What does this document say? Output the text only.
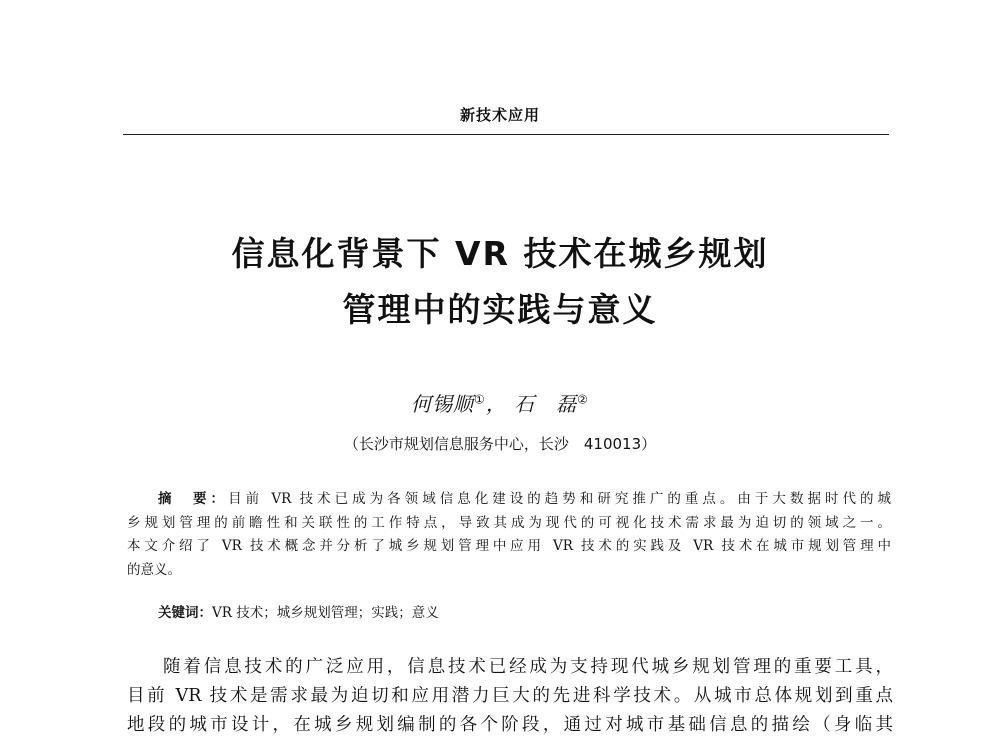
新技术应用
信息化背景下 VR 技术在城乡规划
管理中的实践与意义
何锡顺①， 石　磊②
（长沙市规划信息服务中心，长沙　410013）
摘　要：目前 VR 技术已成为各领域信息化建设的趋势和研究推广的重点。由于大数据时代的城
乡规划管理的前瞻性和关联性的工作特点，导致其成为现代的可视化技术需求最为迫切的领域之一。
本文介绍了 VR 技术概念并分析了城乡规划管理中应用 VR 技术的实践及 VR 技术在城市规划管理中
的意义。
关键词：VR 技术；城乡规划管理；实践；意义
随着信息技术的广泛应用，信息技术已经成为支持现代城乡规划管理的重要工具，
目前 VR 技术是需求最为迫切和应用潜力巨大的先进科学技术。从城市总体规划到重点
地段的城市设计，在城乡规划编制的各个阶段，通过对城市基础信息的描绘（身临其
